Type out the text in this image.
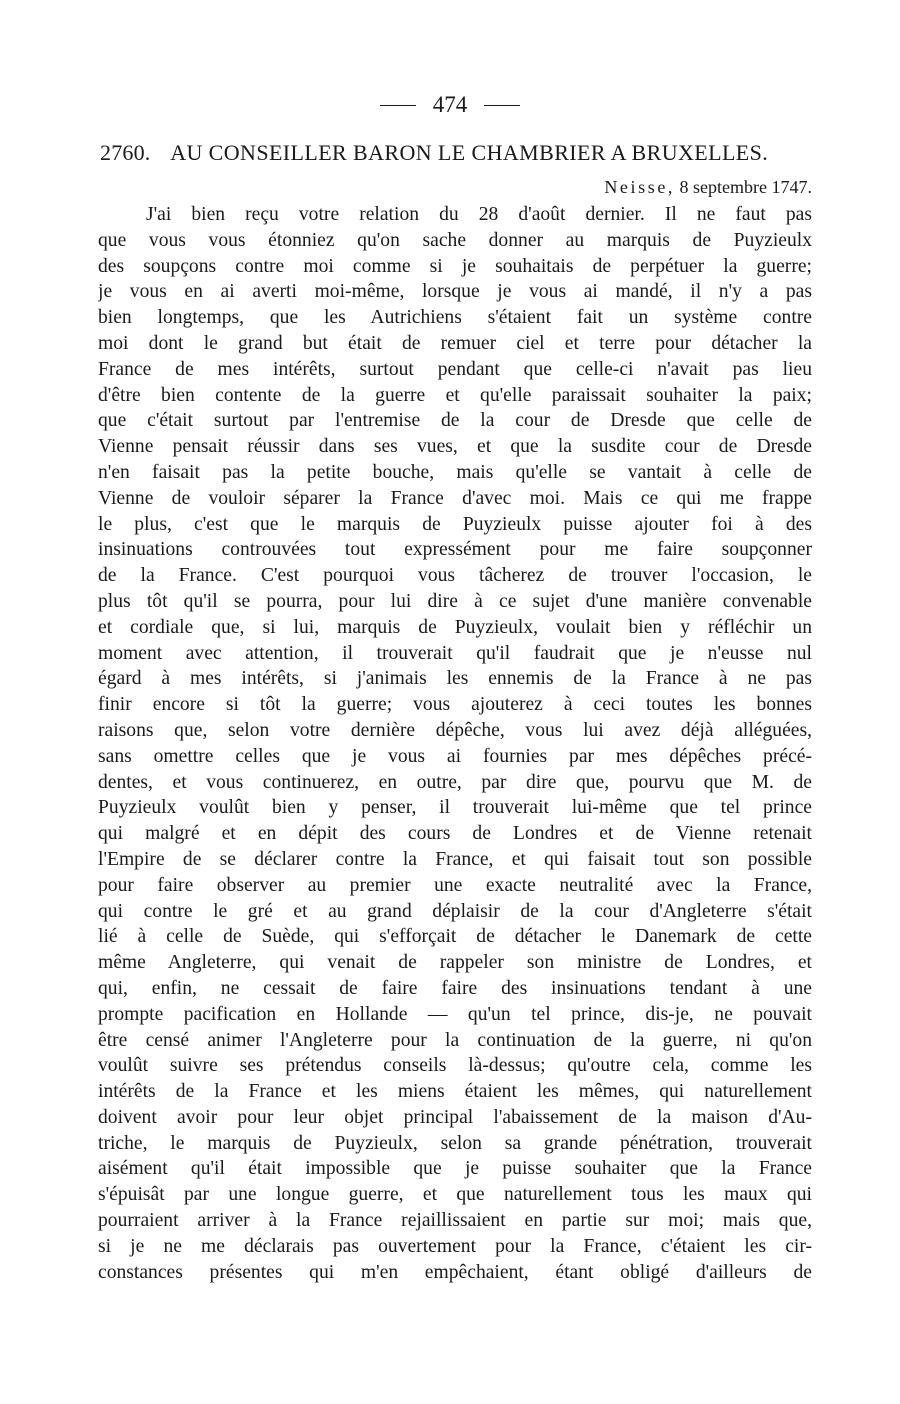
474
2760. AU CONSEILLER BARON LE CHAMBRIER A BRUXELLES.
Neisse, 8 septembre 1747.
J'ai bien reçu votre relation du 28 d'août dernier. Il ne faut pas
que vous vous étonniez qu'on sache donner au marquis de Puyzieulx
des soupçons contre moi comme si je souhaitais de perpétuer la guerre;
je vous en ai averti moi-même, lorsque je vous ai mandé, il n'y a pas
bien longtemps, que les Autrichiens s'étaient fait un système contre
moi dont le grand but était de remuer ciel et terre pour détacher la
France de mes intérêts, surtout pendant que celle-ci n'avait pas lieu
d'être bien contente de la guerre et qu'elle paraissait souhaiter la paix;
que c'était surtout par l'entremise de la cour de Dresde que celle de
Vienne pensait réussir dans ses vues, et que la susdite cour de Dresde
n'en faisait pas la petite bouche, mais qu'elle se vantait à celle de
Vienne de vouloir séparer la France d'avec moi. Mais ce qui me frappe
le plus, c'est que le marquis de Puyzieulx puisse ajouter foi à des
insinuations controuvées tout expressément pour me faire soupçonner
de la France. C'est pourquoi vous tâcherez de trouver l'occasion, le
plus tôt qu'il se pourra, pour lui dire à ce sujet d'une manière convenable
et cordiale que, si lui, marquis de Puyzieulx, voulait bien y réfléchir un
moment avec attention, il trouverait qu'il faudrait que je n'eusse nul
égard à mes intérêts, si j'animais les ennemis de la France à ne pas
finir encore si tôt la guerre; vous ajouterez à ceci toutes les bonnes
raisons que, selon votre dernière dépêche, vous lui avez déjà alléguées,
sans omettre celles que je vous ai fournies par mes dépêches précé-
dentes, et vous continuerez, en outre, par dire que, pourvu que M. de
Puyzieulx voulût bien y penser, il trouverait lui-même que tel prince
qui malgré et en dépit des cours de Londres et de Vienne retenait
l'Empire de se déclarer contre la France, et qui faisait tout son possible
pour faire observer au premier une exacte neutralité avec la France,
qui contre le gré et au grand déplaisir de la cour d'Angleterre s'était
lié à celle de Suède, qui s'efforçait de détacher le Danemark de cette
même Angleterre, qui venait de rappeler son ministre de Londres, et
qui, enfin, ne cessait de faire faire des insinuations tendant à une
prompte pacification en Hollande — qu'un tel prince, dis-je, ne pouvait
être censé animer l'Angleterre pour la continuation de la guerre, ni qu'on
voulût suivre ses prétendus conseils là-dessus; qu'outre cela, comme les
intérêts de la France et les miens étaient les mêmes, qui naturellement
doivent avoir pour leur objet principal l'abaissement de la maison d'Au-
triche, le marquis de Puyzieulx, selon sa grande pénétration, trouverait
aisément qu'il était impossible que je puisse souhaiter que la France
s'épuisât par une longue guerre, et que naturellement tous les maux qui
pourraient arriver à la France rejaillissaient en partie sur moi; mais que,
si je ne me déclarais pas ouvertement pour la France, c'étaient les cir-
constances présentes qui m'en empêchaient, étant obligé d'ailleurs de
